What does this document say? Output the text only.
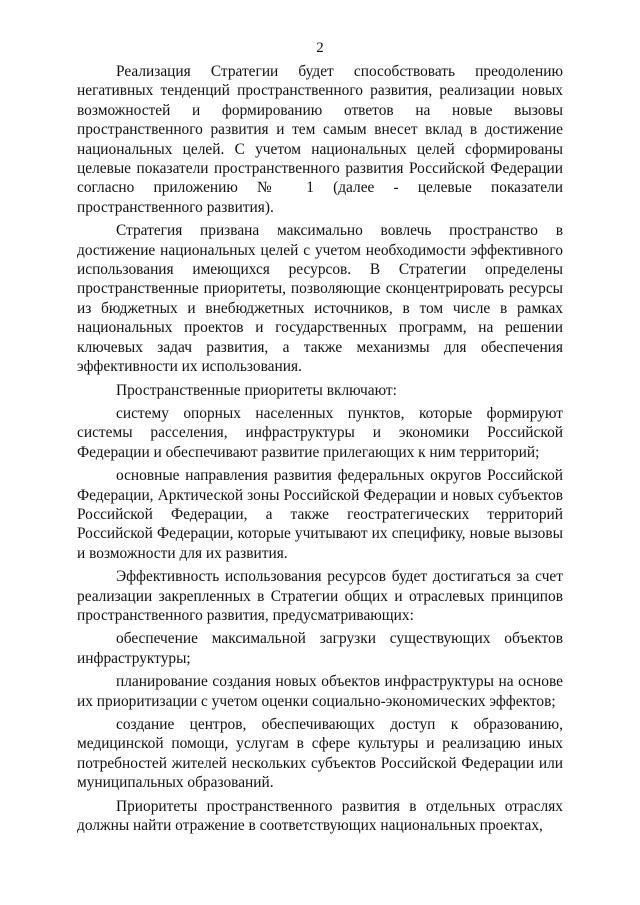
2

Реализация Стратегии будет способствовать преодолению негативных тенденций пространственного развития, реализации новых возможностей и формированию ответов на новые вызовы пространственного развития и тем самым внесет вклад в достижение национальных целей. С учетом национальных целей сформированы целевые показатели пространственного развития Российской Федерации согласно приложению № 1 (далее - целевые показатели пространственного развития).

Стратегия призвана максимально вовлечь пространство в достижение национальных целей с учетом необходимости эффективного использования имеющихся ресурсов. В Стратегии определены пространственные приоритеты, позволяющие сконцентрировать ресурсы из бюджетных и внебюджетных источников, в том числе в рамках национальных проектов и государственных программ, на решении ключевых задач развития, а также механизмы для обеспечения эффективности их использования.

Пространственные приоритеты включают:

систему опорных населенных пунктов, которые формируют системы расселения, инфраструктуры и экономики Российской Федерации и обеспечивают развитие прилегающих к ним территорий;

основные направления развития федеральных округов Российской Федерации, Арктической зоны Российской Федерации и новых субъектов Российской Федерации, а также геостратегических территорий Российской Федерации, которые учитывают их специфику, новые вызовы и возможности для их развития.

Эффективность использования ресурсов будет достигаться за счет реализации закрепленных в Стратегии общих и отраслевых принципов пространственного развития, предусматривающих:

обеспечение максимальной загрузки существующих объектов инфраструктуры;

планирование создания новых объектов инфраструктуры на основе их приоритизации с учетом оценки социально-экономических эффектов;

создание центров, обеспечивающих доступ к образованию, медицинской помощи, услугам в сфере культуры и реализацию иных потребностей жителей нескольких субъектов Российской Федерации или муниципальных образований.

Приоритеты пространственного развития в отдельных отраслях должны найти отражение в соответствующих национальных проектах,
